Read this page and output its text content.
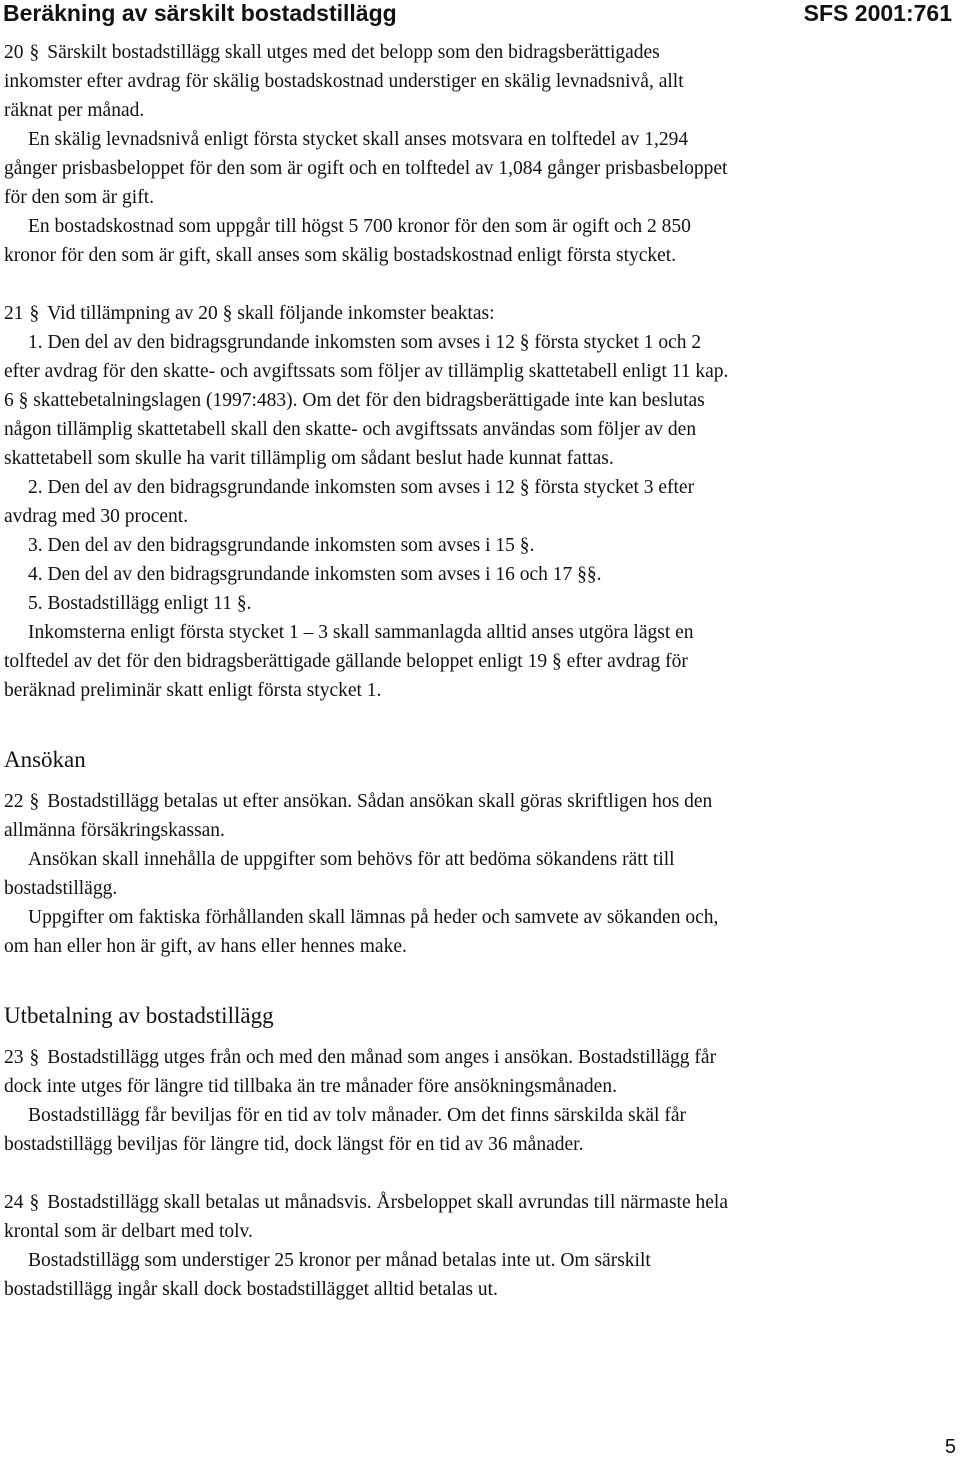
Beräkning av särskilt bostadstillägg	SFS 2001:761

20 § Särskilt bostadstillägg skall utges med det belopp som den bidragsberättigades inkomster efter avdrag för skälig bostadskostnad understiger en skälig levnadsnivå, allt räknat per månad.

En skälig levnadsnivå enligt första stycket skall anses motsvara en tolftedel av 1,294 gånger prisbasbeloppet för den som är ogift och en tolftedel av 1,084 gånger prisbasbeloppet för den som är gift.

En bostadskostnad som uppgår till högst 5 700 kronor för den som är ogift och 2 850 kronor för den som är gift, skall anses som skälig bostadskostnad enligt första stycket.

21 § Vid tillämpning av 20 § skall följande inkomster beaktas:

1. Den del av den bidragsgrundande inkomsten som avses i 12 § första stycket 1 och 2 efter avdrag för den skatte- och avgiftssats som följer av tillämplig skattetabell enligt 11 kap. 6 § skattebetalningslagen (1997:483). Om det för den bidragsberättigade inte kan beslutas någon tillämplig skattetabell skall den skatte- och avgiftssats användas som följer av den skattetabell som skulle ha varit tillämplig om sådant beslut hade kunnat fattas.

2. Den del av den bidragsgrundande inkomsten som avses i 12 § första stycket 3 efter avdrag med 30 procent.

3. Den del av den bidragsgrundande inkomsten som avses i 15 §.

4. Den del av den bidragsgrundande inkomsten som avses i 16 och 17 §§.

5. Bostadstillägg enligt 11 §.

Inkomsterna enligt första stycket 1 – 3 skall sammanlagda alltid anses utgöra lägst en tolftedel av det för den bidragsberättigade gällande beloppet enligt 19 § efter avdrag för beräknad preliminär skatt enligt första stycket 1.

Ansökan

22 § Bostadstillägg betalas ut efter ansökan. Sådan ansökan skall göras skriftligen hos den allmänna försäkringskassan.

Ansökan skall innehålla de uppgifter som behövs för att bedöma sökandens rätt till bostadstillägg.

Uppgifter om faktiska förhållanden skall lämnas på heder och samvete av sökanden och, om han eller hon är gift, av hans eller hennes make.

Utbetalning av bostadstillägg

23 § Bostadstillägg utges från och med den månad som anges i ansökan. Bostadstillägg får dock inte utges för längre tid tillbaka än tre månader före ansökningsmånaden.

Bostadstillägg får beviljas för en tid av tolv månader. Om det finns särskilda skäl får bostadstillägg beviljas för längre tid, dock längst för en tid av 36 månader.

24 § Bostadstillägg skall betalas ut månadsvis. Årsbeloppet skall avrundas till närmaste hela krontal som är delbart med tolv.

Bostadstillägg som understiger 25 kronor per månad betalas inte ut. Om särskilt bostadstillägg ingår skall dock bostadstillägget alltid betalas ut.

5
